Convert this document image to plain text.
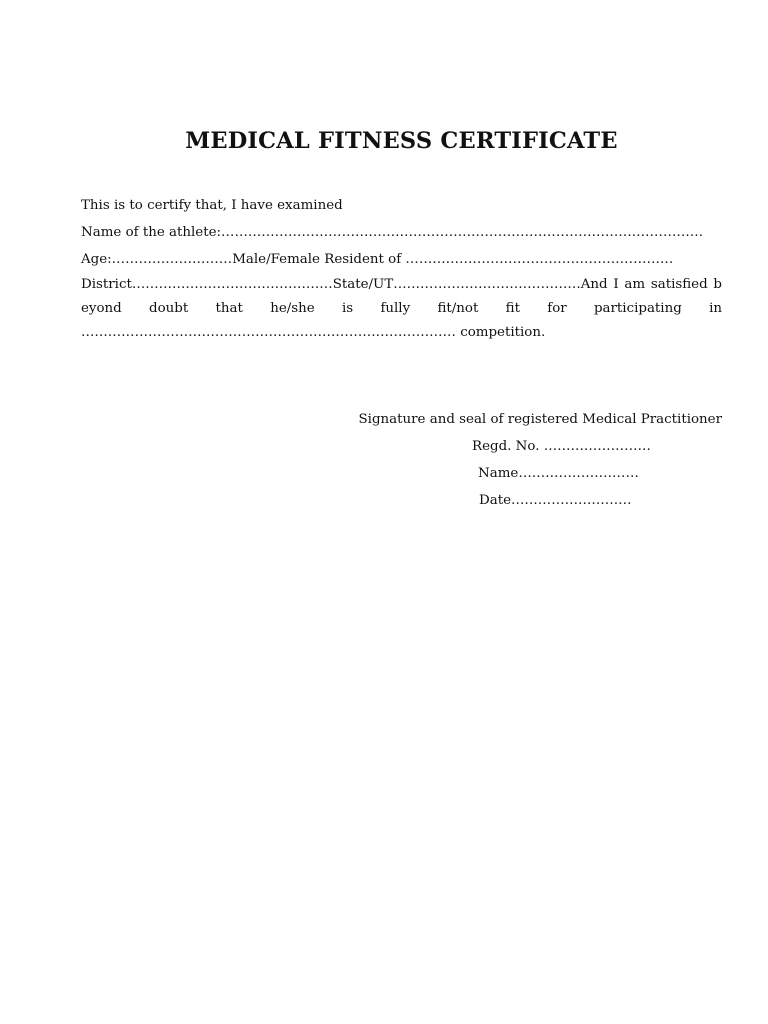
MEDICAL FITNESS CERTIFICATE

This is to certify that, I have examined

Name of the athlete:………………………………………………………………………………………………

Age:………………………Male/Female Resident of ……………………………………………………

District………………………………………State/UT……………………………………And I am satisfied beyond doubt that he/she is fully fit/not fit for participating in ………………………………………………………………………… competition.

Signature and seal of registered Medical Practitioner

Regd. No. ……………………

Name………………………

Date………………………
